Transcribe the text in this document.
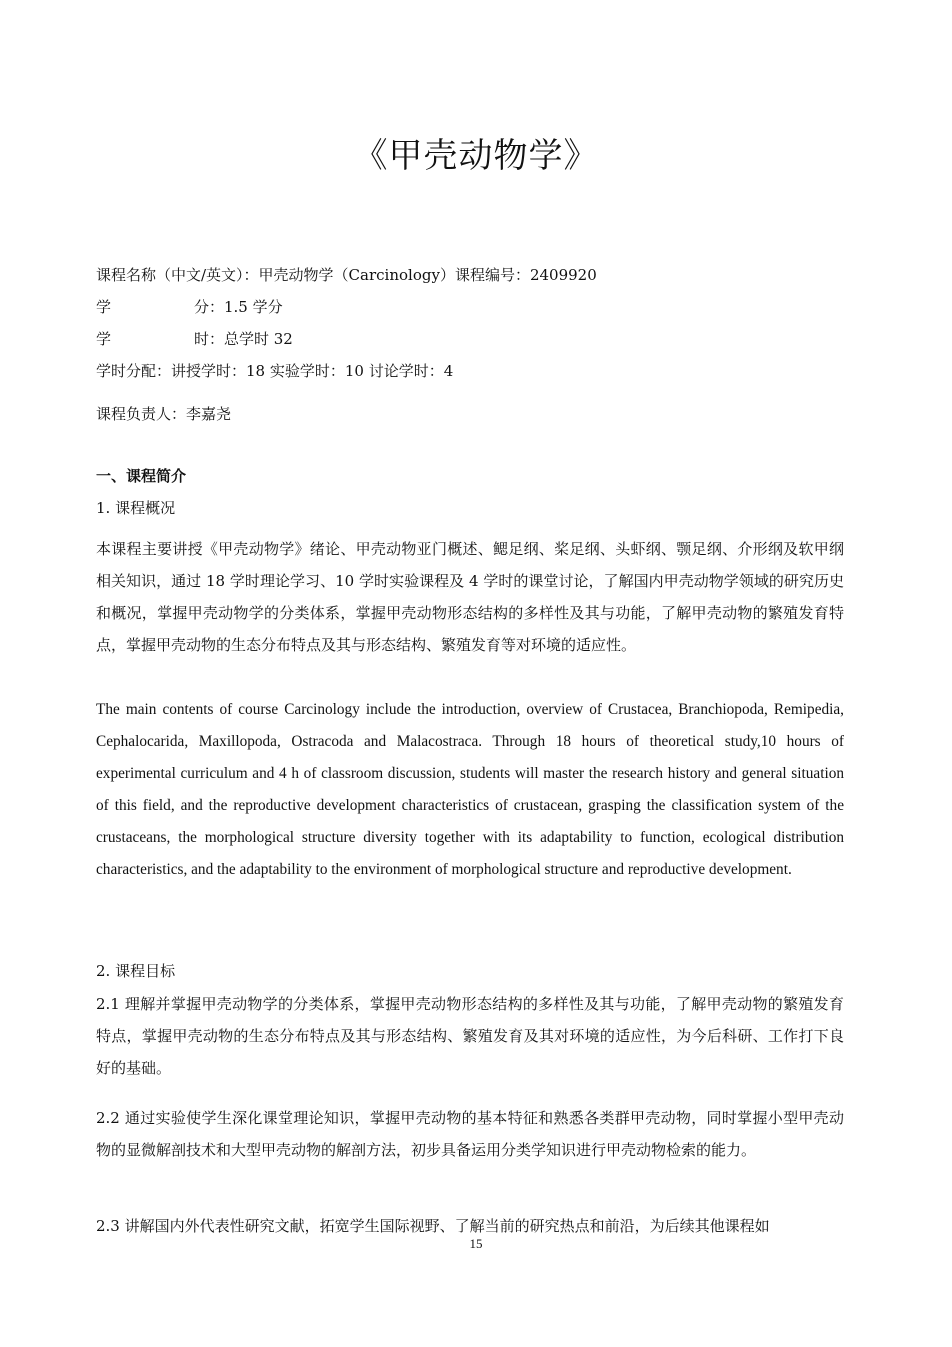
《甲壳动物学》
课程名称（中文/英文）：甲壳动物学（Carcinology）课程编号：2409920
学	分：1.5 学分
学	时：总学时 32
学时分配：讲授学时：18 实验学时：10 讨论学时：4
课程负责人：李嘉尧
一、课程简介
1. 课程概况
本课程主要讲授《甲壳动物学》绪论、甲壳动物亚门概述、鳃足纲、桨足纲、头虾纲、颚足纲、介形纲及软甲纲相关知识，通过 18 学时理论学习、10 学时实验课程及 4 学时的课堂讨论，了解国内甲壳动物学领域的研究历史和概况，掌握甲壳动物学的分类体系，掌握甲壳动物形态结构的多样性及其与功能，了解甲壳动物的繁殖发育特点，掌握甲壳动物的生态分布特点及其与形态结构、繁殖发育等对环境的适应性。
The main contents of course Carcinology include the introduction, overview of Crustacea, Branchiopoda, Remipedia, Cephalocarida, Maxillopoda, Ostracoda and Malacostraca. Through 18 hours of theoretical study,10 hours of experimental curriculum and 4 h of classroom discussion, students will master the research history and general situation of this field, and the reproductive development characteristics of crustacean, grasping the classification system of the crustaceans, the morphological structure diversity together with its adaptability to function, ecological distribution characteristics, and the adaptability to the environment of morphological structure and reproductive development.
2. 课程目标
2.1 理解并掌握甲壳动物学的分类体系，掌握甲壳动物形态结构的多样性及其与功能，了解甲壳动物的繁殖发育特点，掌握甲壳动物的生态分布特点及其与形态结构、繁殖发育及其对环境的适应性，为今后科研、工作打下良好的基础。
2.2 通过实验使学生深化课堂理论知识，掌握甲壳动物的基本特征和熟悉各类群甲壳动物，同时掌握小型甲壳动物的显微解剖技术和大型甲壳动物的解剖方法，初步具备运用分类学知识进行甲壳动物检索的能力。
2.3 讲解国内外代表性研究文献，拓宽学生国际视野、了解当前的研究热点和前沿，为后续其他课程如
15
